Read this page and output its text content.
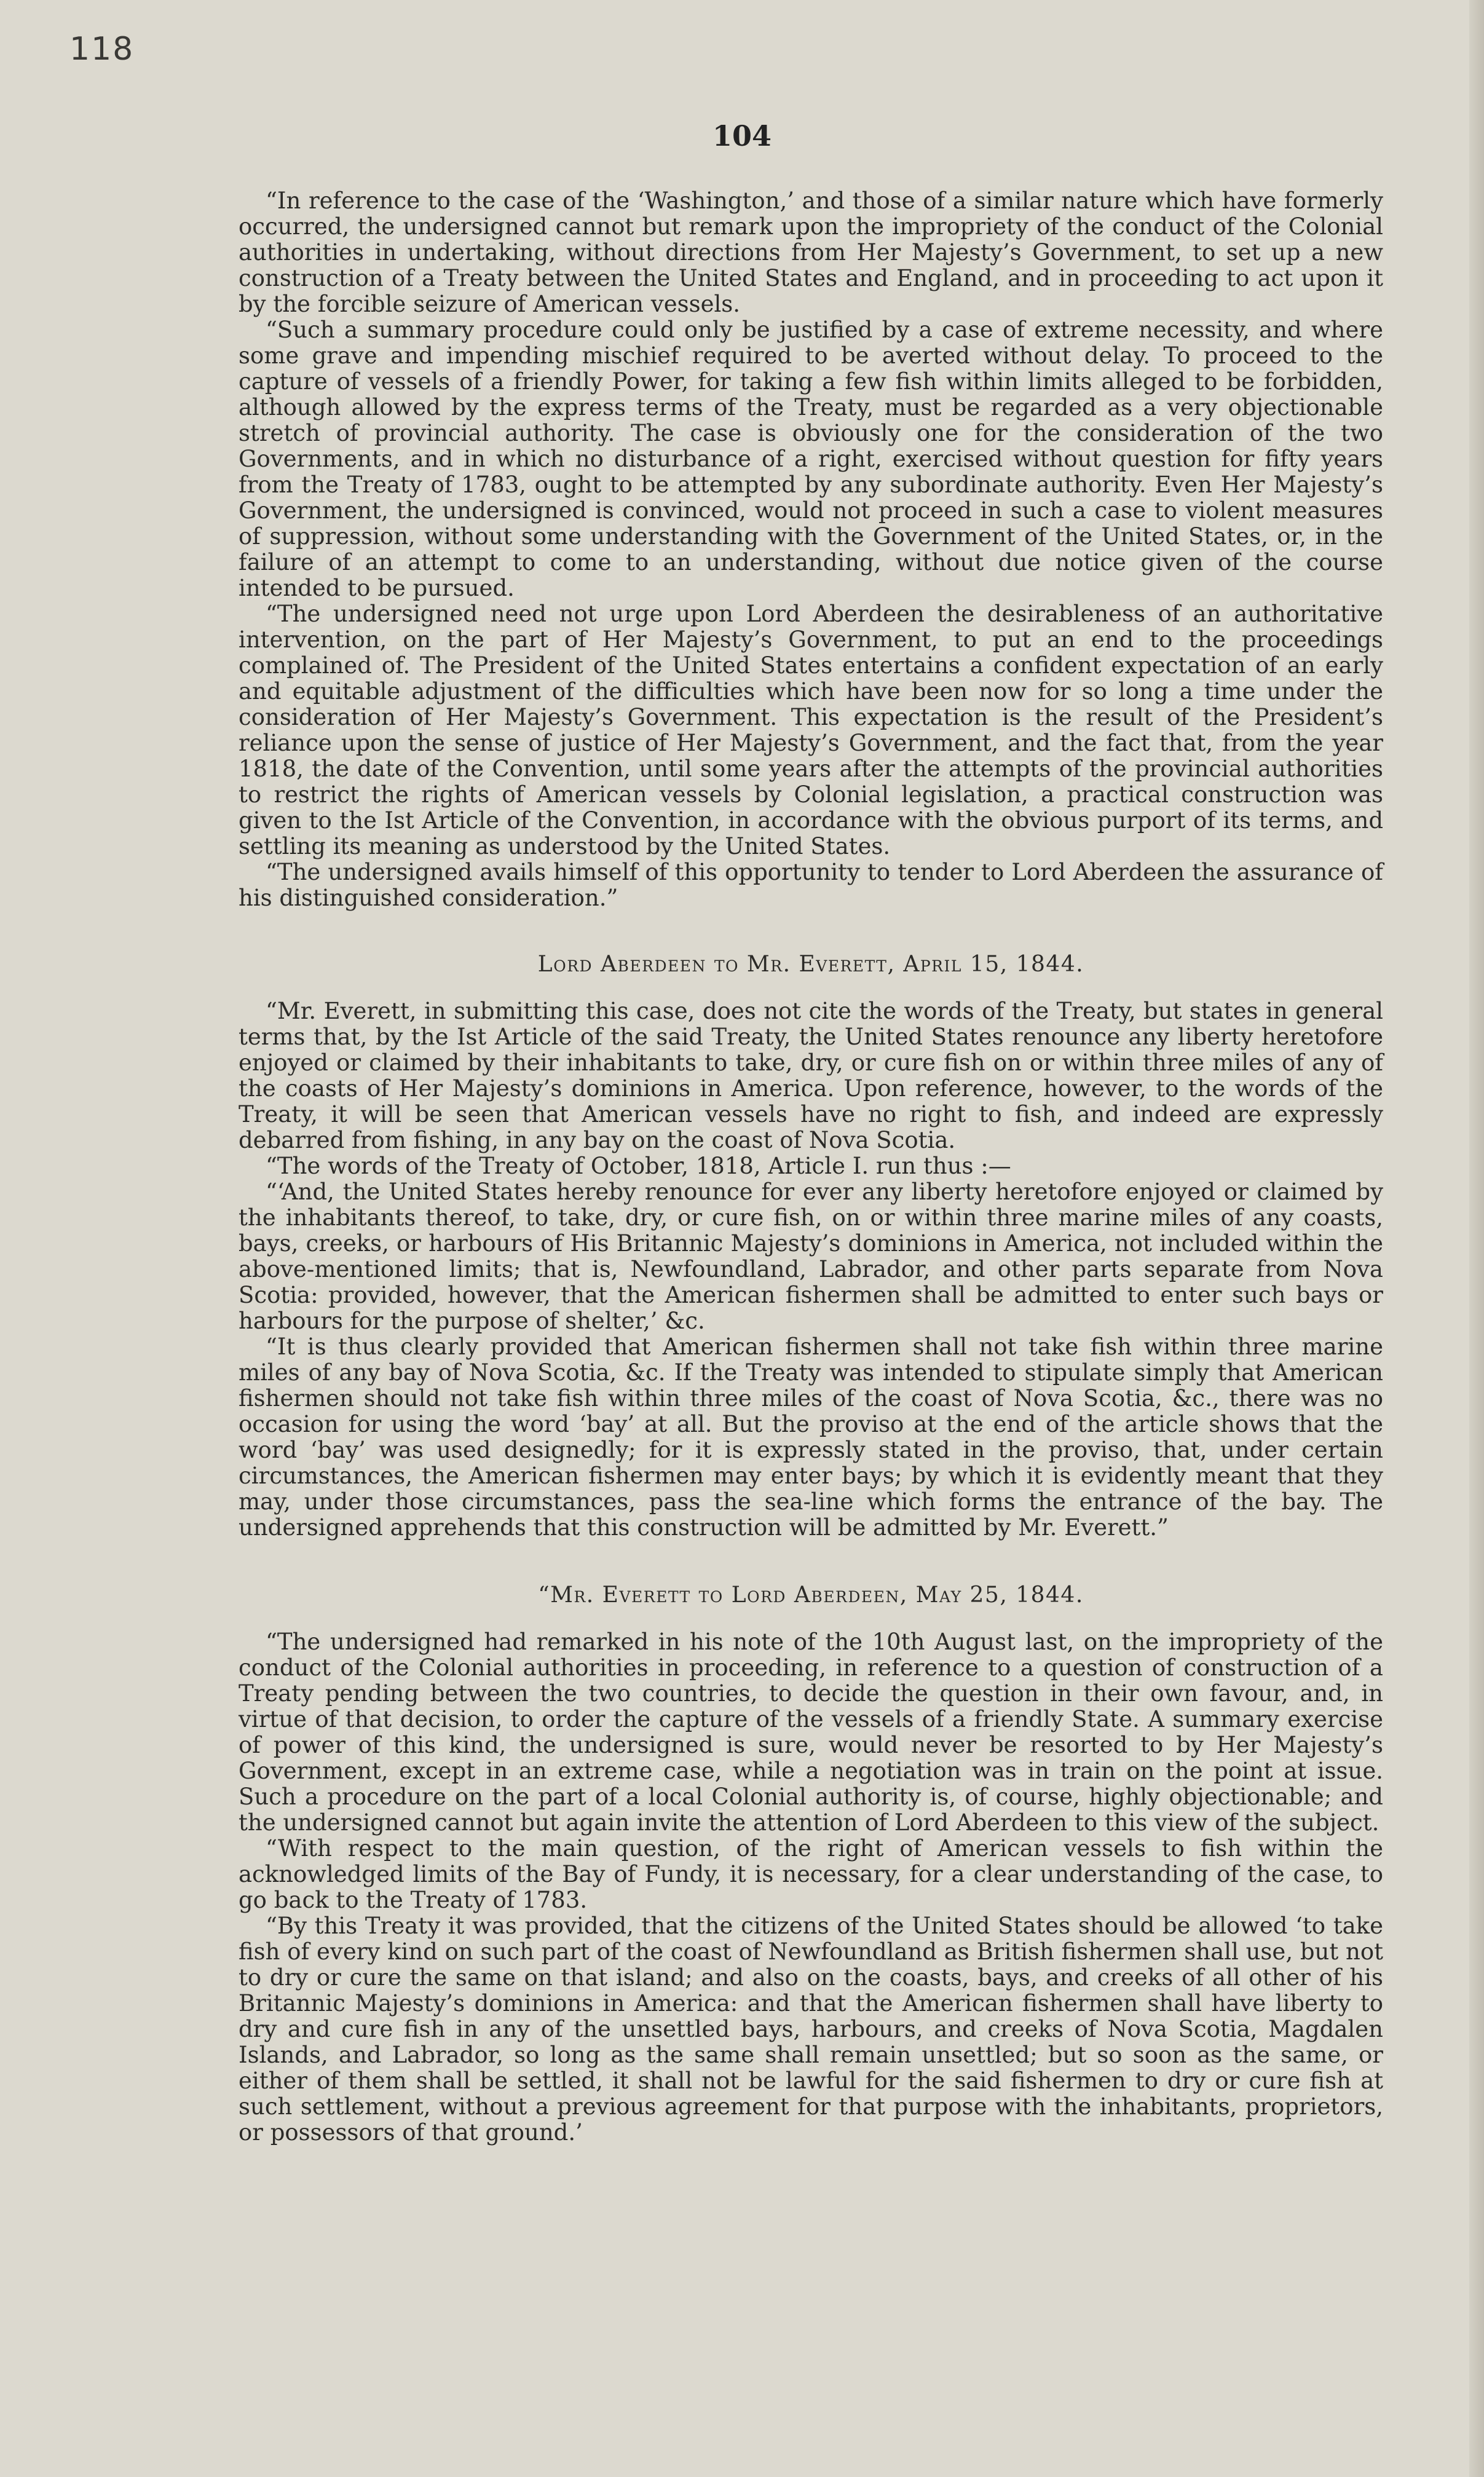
118
104

“In reference to the case of the ‘Washington,’ and those of a similar nature which have formerly occurred, the undersigned cannot but remark upon the impropriety of the conduct of the Colonial authorities in undertaking, without directions from Her Majesty’s Government, to set up a new construction of a Treaty between the United States and England, and in proceeding to act upon it by the forcible seizure of American vessels.

“Such a summary procedure could only be justified by a case of extreme necessity, and where some grave and impending mischief required to be averted without delay. To proceed to the capture of vessels of a friendly Power, for taking a few fish within limits alleged to be forbidden, although allowed by the express terms of the Treaty, must be regarded as a very objectionable stretch of provincial authority. The case is obviously one for the consideration of the two Governments, and in which no disturbance of a right, exercised without question for fifty years from the Treaty of 1783, ought to be attempted by any subordinate authority. Even Her Majesty’s Government, the undersigned is convinced, would not proceed in such a case to violent measures of suppression, without some understanding with the Government of the United States, or, in the failure of an attempt to come to an understanding, without due notice given of the course intended to be pursued.

“The undersigned need not urge upon Lord Aberdeen the desirableness of an authoritative intervention, on the part of Her Majesty’s Government, to put an end to the proceedings complained of. The President of the United States entertains a confident expectation of an early and equitable adjustment of the difficulties which have been now for so long a time under the consideration of Her Majesty’s Government. This expectation is the result of the President’s reliance upon the sense of justice of Her Majesty’s Government, and the fact that, from the year 1818, the date of the Convention, until some years after the attempts of the provincial authorities to restrict the rights of American vessels by Colonial legislation, a practical construction was given to the Ist Article of the Convention, in accordance with the obvious purport of its terms, and settling its meaning as understood by the United States.

“The undersigned avails himself of this opportunity to tender to Lord Aberdeen the assurance of his distinguished consideration.”

Lord Aberdeen to Mr. Everett, April 15, 1844.

“Mr. Everett, in submitting this case, does not cite the words of the Treaty, but states in general terms that, by the Ist Article of the said Treaty, the United States renounce any liberty heretofore enjoyed or claimed by their inhabitants to take, dry, or cure fish on or within three miles of any of the coasts of Her Majesty’s dominions in America. Upon reference, however, to the words of the Treaty, it will be seen that American vessels have no right to fish, and indeed are expressly debarred from fishing, in any bay on the coast of Nova Scotia.

“The words of the Treaty of October, 1818, Article I. run thus :—

“‘And, the United States hereby renounce for ever any liberty heretofore enjoyed or claimed by the inhabitants thereof, to take, dry, or cure fish, on or within three marine miles of any coasts, bays, creeks, or harbours of His Britannic Majesty’s dominions in America, not included within the above-mentioned limits; that is, Newfoundland, Labrador, and other parts separate from Nova Scotia: provided, however, that the American fishermen shall be admitted to enter such bays or harbours for the purpose of shelter,’ &c.

“It is thus clearly provided that American fishermen shall not take fish within three marine miles of any bay of Nova Scotia, &c. If the Treaty was intended to stipulate simply that American fishermen should not take fish within three miles of the coast of Nova Scotia, &c., there was no occasion for using the word ‘bay’ at all. But the proviso at the end of the article shows that the word ‘bay’ was used designedly; for it is expressly stated in the proviso, that, under certain circumstances, the American fishermen may enter bays; by which it is evidently meant that they may, under those circumstances, pass the sea-line which forms the entrance of the bay. The undersigned apprehends that this construction will be admitted by Mr. Everett.”

“Mr. Everett to Lord Aberdeen, May 25, 1844.

“The undersigned had remarked in his note of the 10th August last, on the impropriety of the conduct of the Colonial authorities in proceeding, in reference to a question of construction of a Treaty pending between the two countries, to decide the question in their own favour, and, in virtue of that decision, to order the capture of the vessels of a friendly State. A summary exercise of power of this kind, the undersigned is sure, would never be resorted to by Her Majesty’s Government, except in an extreme case, while a negotiation was in train on the point at issue. Such a procedure on the part of a local Colonial authority is, of course, highly objectionable; and the undersigned cannot but again invite the attention of Lord Aberdeen to this view of the subject.

“With respect to the main question, of the right of American vessels to fish within the acknowledged limits of the Bay of Fundy, it is necessary, for a clear understanding of the case, to go back to the Treaty of 1783.

“By this Treaty it was provided, that the citizens of the United States should be allowed ‘to take fish of every kind on such part of the coast of Newfoundland as British fishermen shall use, but not to dry or cure the same on that island; and also on the coasts, bays, and creeks of all other of his Britannic Majesty’s dominions in America: and that the American fishermen shall have liberty to dry and cure fish in any of the unsettled bays, harbours, and creeks of Nova Scotia, Magdalen Islands, and Labrador, so long as the same shall remain unsettled; but so soon as the same, or either of them shall be settled, it shall not be lawful for the said fishermen to dry or cure fish at such settlement, without a previous agreement for that purpose with the inhabitants, proprietors, or possessors of that ground.’
